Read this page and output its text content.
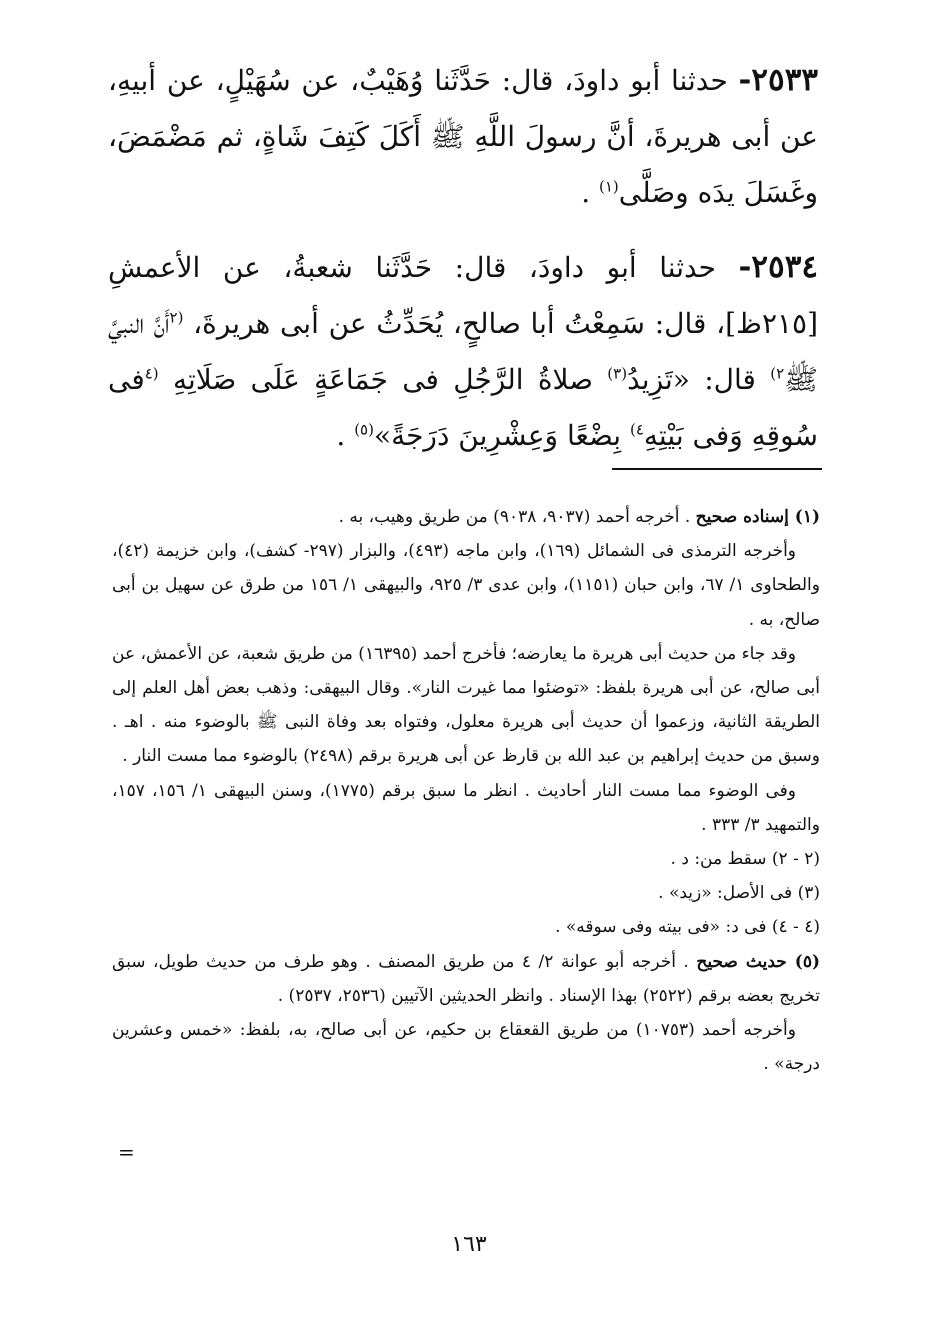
٢٥٣٣- حدثنا أبو داودَ، قال: حَدَّثَنا وُهَيْبٌ، عن سُهَيْلٍ، عن أبيهِ، عن أبى هريرةَ، أنَّ رسولَ اللَّهِ ﷺ أَكَلَ كَتِفَ شَاةٍ، ثم مَضْمَضَ، وغَسَلَ يدَه وصَلَّى$^{(١)}$ .

٢٥٣٤- حدثنا أبو داودَ، قال: حَدَّثَنا شعبةُ، عن الأعمشِ [٢١٥ظ]، قال: سَمِعْتُ أبا صالحٍ، يُحَدِّثُ عن أبى هريرةَ، $^{(٢}$أَنَّ النبيَّ ﷺ$^{٢)}$ قال: «تَزِيدُ$^{(٣)}$ صلاةُ الرَّجُلِ فى جَمَاعَةٍ عَلَى صَلَاتِهِ $^{(٤}$فى سُوقِهِ وَفى بَيْتِهِ$^{٤)}$ بِضْعًا وَعِشْرِينَ دَرَجَةً»$^{(٥)}$ .

(١) إسناده صحيح . أخرجه أحمد (٩٠٣٧، ٩٠٣٨) من طريق وهيب، به .

وأخرجه الترمذى فى الشمائل (١٦٩)، وابن ماجه (٤٩٣)، والبزار (٢٩٧- كشف)، وابن خزيمة (٤٢)، والطحاوى ١/ ٦٧، وابن حبان (١١٥١)، وابن عدى ٣/ ٩٢٥، والبيهقى ١/ ١٥٦ من طرق عن سهيل بن أبى صالح، به .

وقد جاء من حديث أبى هريرة ما يعارضه؛ فأخرج أحمد (١٦٣٩٥) من طريق شعبة، عن الأعمش، عن أبى صالح، عن أبى هريرة بلفظ: «توضئوا مما غيرت النار». وقال البيهقى: وذهب بعض أهل العلم إلى الطريقة الثانية، وزعموا أن حديث أبى هريرة معلول، وفتواه بعد وفاة النبى ﷺ بالوضوء منه . اهـ . وسبق من حديث إبراهيم بن عبد الله بن قارظ عن أبى هريرة برقم (٢٤٩٨) بالوضوء مما مست النار .

وفى الوضوء مما مست النار أحاديث . انظر ما سبق برقم (١٧٧٥)، وسنن البيهقى ١/ ١٥٦، ١٥٧، والتمهيد ٣/ ٣٣٣ .

(٢ - ٢) سقط من: د .

(٣) فى الأصل: «زيد» .

(٤ - ٤) فى د: «فى بيته وفى سوقه» .

(٥) حديث صحيح . أخرجه أبو عوانة ٢/ ٤ من طريق المصنف . وهو طرف من حديث طويل، سبق تخريج بعضه برقم (٢٥٢٢) بهذا الإسناد . وانظر الحديثين الآتيين (٢٥٣٦، ٢٥٣٧) .

وأخرجه أحمد (١٠٧٥٣) من طريق القعقاع بن حكيم، عن أبى صالح، به، بلفظ: «خمس وعشرين درجة» .

=
١٦٣
